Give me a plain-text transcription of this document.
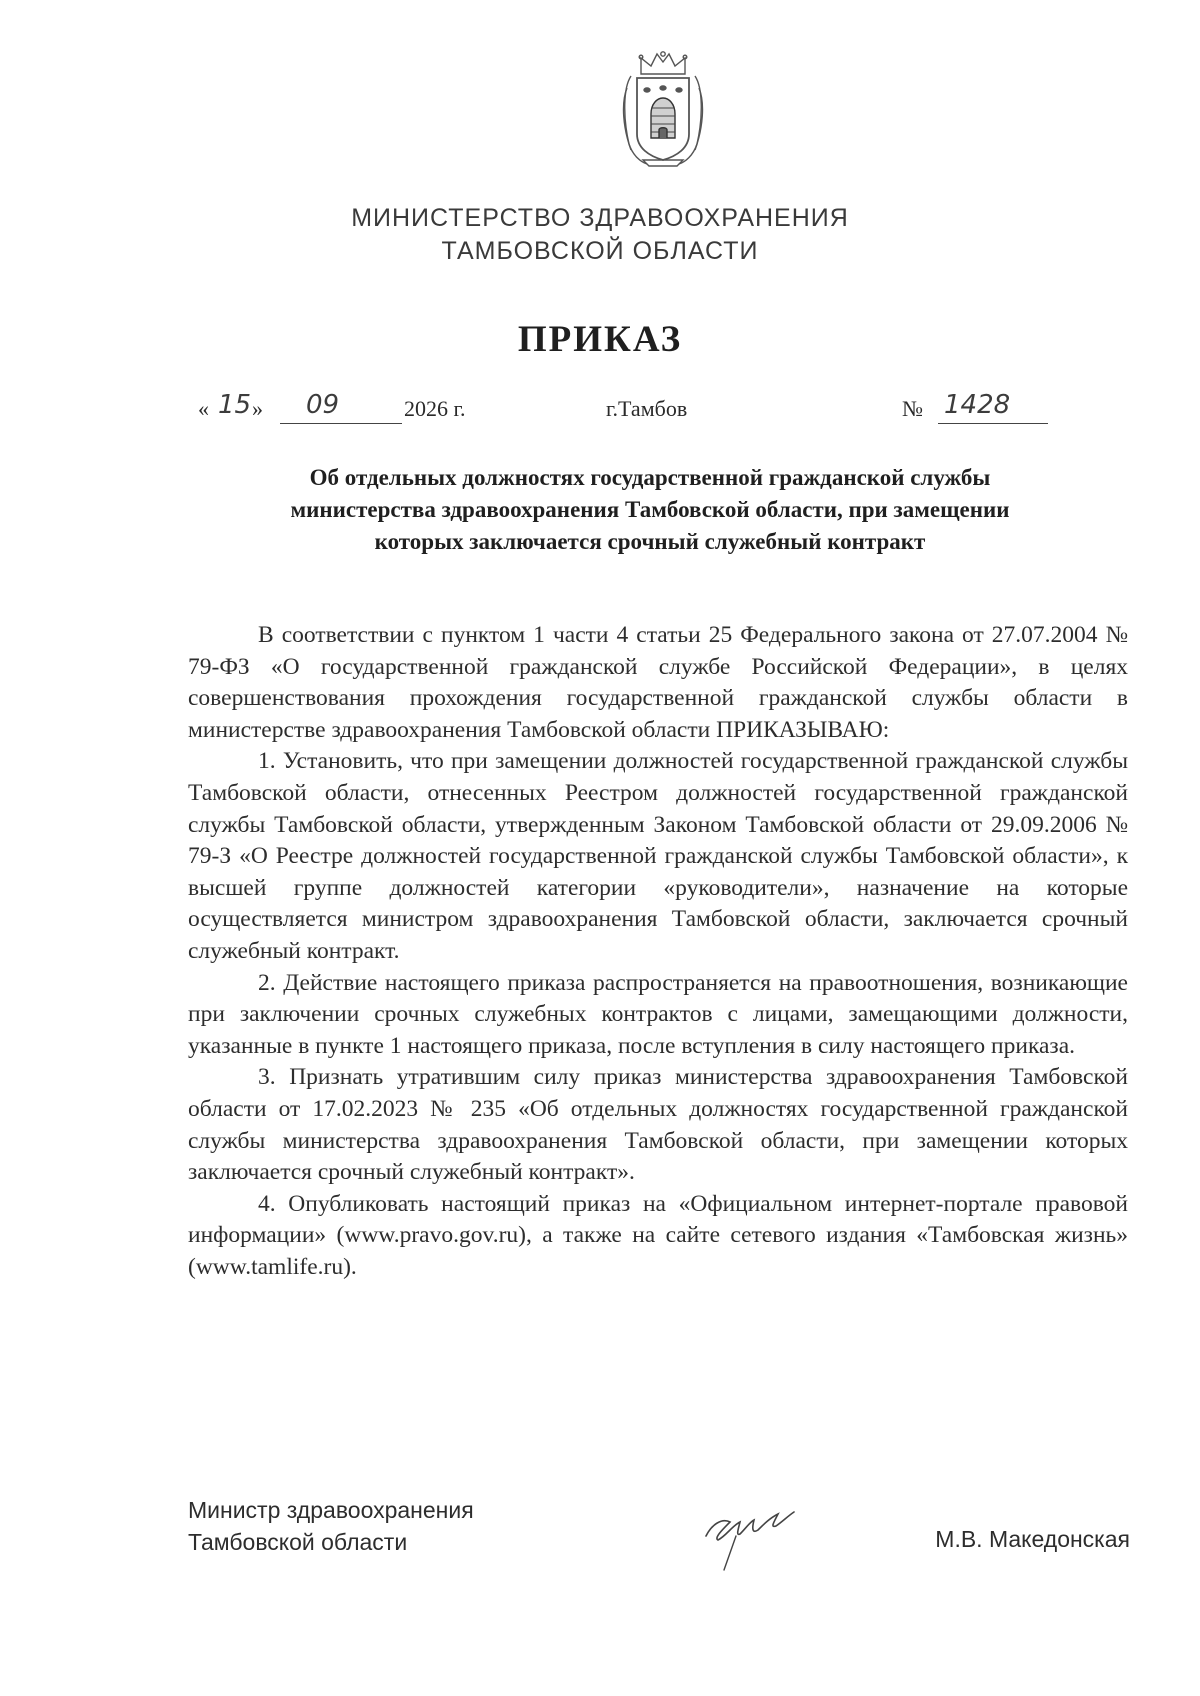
МИНИСТЕРСТВО ЗДРАВООХРАНЕНИЯ
ТАМБОВСКОЙ ОБЛАСТИ
ПРИКАЗ
« 15 » 09	2026 г.	г.Тамбов	№ 1428
Об отдельных должностях государственной гражданской службы
министерства здравоохранения Тамбовской области, при замещении
которых заключается срочный служебный контракт

В соответствии с пунктом 1 части 4 статьи 25 Федерального закона от 27.07.2004 № 79-ФЗ «О государственной гражданской службе Российской Федерации», в целях совершенствования прохождения государственной гражданской службы области в министерстве здравоохранения Тамбовской области ПРИКАЗЫВАЮ:

1. Установить, что при замещении должностей государственной гражданской службы Тамбовской области, отнесенных Реестром должностей государственной гражданской службы Тамбовской области, утвержденным Законом Тамбовской области от 29.09.2006 № 79-З «О Реестре должностей государственной гражданской службы Тамбовской области», к высшей группе должностей категории «руководители», назначение на которые осуществляется министром здравоохранения Тамбовской области, заключается срочный служебный контракт.

2. Действие настоящего приказа распространяется на правоотношения, возникающие при заключении срочных служебных контрактов с лицами, замещающими должности, указанные в пункте 1 настоящего приказа, после вступления в силу настоящего приказа.

3. Признать утратившим силу приказ министерства здравоохранения Тамбовской области от 17.02.2023 № 235 «Об отдельных должностях государственной гражданской службы министерства здравоохранения Тамбовской области, при замещении которых заключается срочный служебный контракт».

4. Опубликовать настоящий приказ на «Официальном интернет-портале правовой информации» (www.pravo.gov.ru), а также на сайте сетевого издания «Тамбовская жизнь» (www.tamlife.ru).

Министр здравоохранения
Тамбовской области	М.В. Македонская
